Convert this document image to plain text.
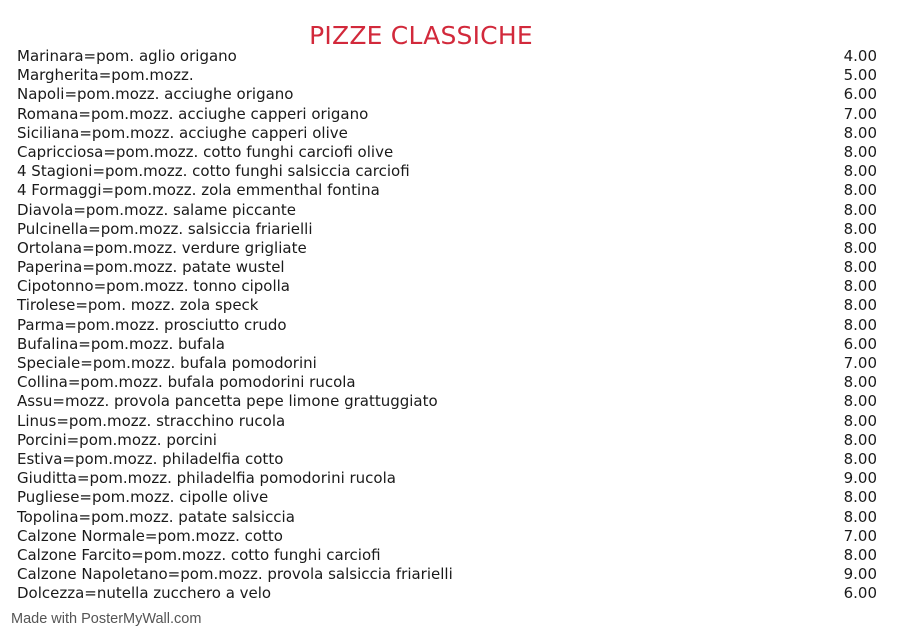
PIZZE CLASSICHE
Marinara=pom. aglio origano	4.00
Margherita=pom.mozz.	5.00
Napoli=pom.mozz. acciughe origano	6.00
Romana=pom.mozz. acciughe capperi origano	7.00
Siciliana=pom.mozz. acciughe capperi olive	8.00
Capricciosa=pom.mozz. cotto funghi carciofi olive	8.00
4 Stagioni=pom.mozz. cotto funghi salsiccia carciofi	8.00
4 Formaggi=pom.mozz. zola emmenthal fontina	8.00
Diavola=pom.mozz. salame piccante	8.00
Pulcinella=pom.mozz. salsiccia friarielli	8.00
Ortolana=pom.mozz. verdure grigliate	8.00
Paperina=pom.mozz. patate wustel	8.00
Cipotonno=pom.mozz. tonno cipolla	8.00
Tirolese=pom. mozz. zola speck	8.00
Parma=pom.mozz. prosciutto crudo	8.00
Bufalina=pom.mozz. bufala	6.00
Speciale=pom.mozz. bufala pomodorini	7.00
Collina=pom.mozz. bufala pomodorini rucola	8.00
Assu=mozz. provola pancetta pepe limone grattuggiato	8.00
Linus=pom.mozz. stracchino rucola	8.00
Porcini=pom.mozz. porcini	8.00
Estiva=pom.mozz. philadelfia cotto	8.00
Giuditta=pom.mozz. philadelfia pomodorini rucola	9.00
Pugliese=pom.mozz. cipolle olive	8.00
Topolina=pom.mozz. patate salsiccia	8.00
Calzone Normale=pom.mozz. cotto	7.00
Calzone Farcito=pom.mozz. cotto funghi carciofi	8.00
Calzone Napoletano=pom.mozz. provola salsiccia friarielli	9.00
Dolcezza=nutella zucchero a velo	6.00
Made with PosterMyWall.com
